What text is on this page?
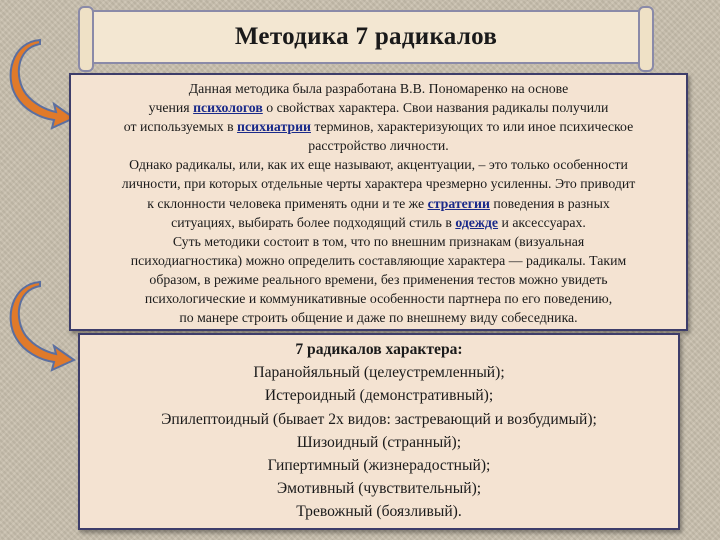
Методика 7 радикалов

Данная методика была разработана В.В. Пономаренко на основе

учения психологов о свойствах характера. Свои названия радикалы получили

от используемых в психиатрии терминов, характеризующих то или иное психическое

расстройство личности.

Однако радикалы, или, как их еще называют, акцентуации, – это только особенности

личности, при которых отдельные черты характера чрезмерно усиленны. Это приводит

к склонности человека применять одни и те же стратегии поведения в разных

ситуациях, выбирать более подходящий стиль в одежде и аксессуарах.

Суть методики состоит в том, что по внешним признакам (визуальная

психодиагностика) можно определить составляющие характера — радикалы. Таким

образом, в режиме реального времени, без применения тестов можно увидеть

психологические и коммуникативные особенности партнера по его поведению,

по манере строить общение и даже по внешнему виду собеседника.

7 радикалов характера:
Паранойяльный (целеустремленный);
Истероидный (демонстративный);
Эпилептоидный (бывает 2х видов: застревающий и возбудимый);
Шизоидный (странный);
Гипертимный (жизнерадостный);
Эмотивный (чувствительный);
Тревожный (боязливый).
